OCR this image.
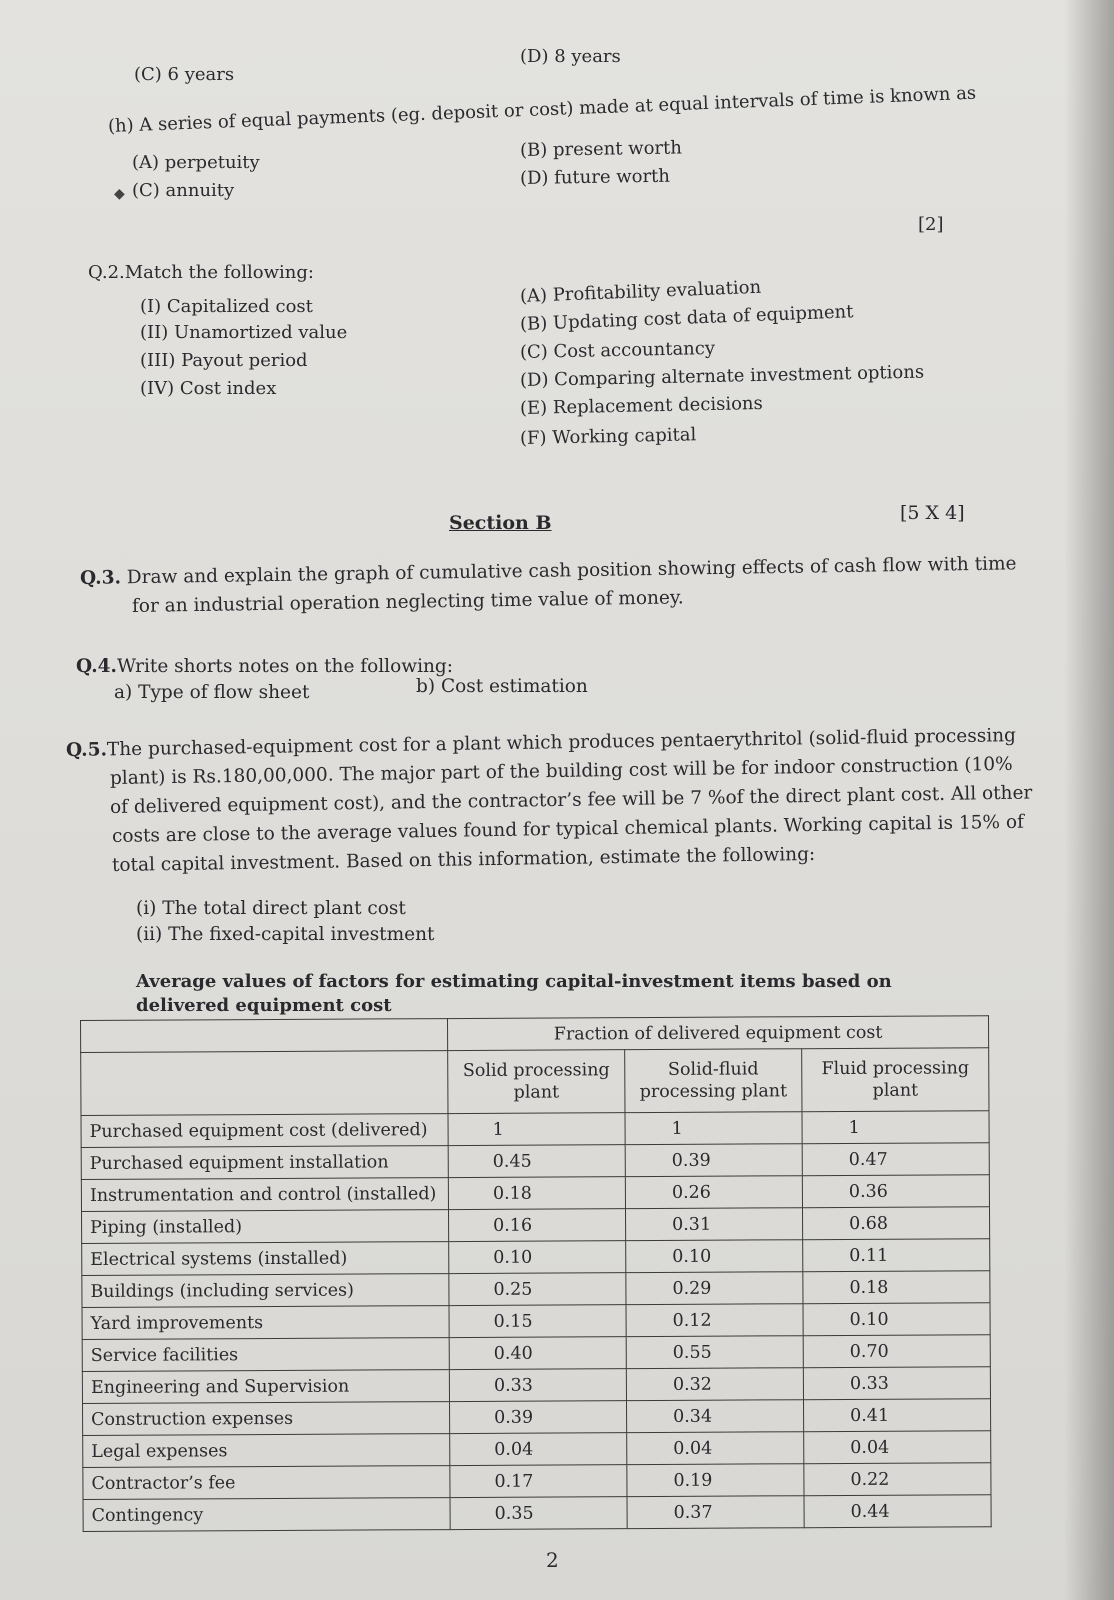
(C) 6 years
(D) 8 years
(h) A series of equal payments (eg. deposit or cost) made at equal intervals of time is known as
(A) perpetuity
(B) present worth
◆ (C) annuity
(D) future worth
[2]
Q.2.Match the following:
(I) Capitalized cost
(II) Unamortized value
(III) Payout period
(IV) Cost index
(A) Profitability evaluation
(B) Updating cost data of equipment
(C) Cost accountancy
(D) Comparing alternate investment options
(E) Replacement decisions
(F) Working capital
Section B	[5 X 4]
Q.3. Draw and explain the graph of cumulative cash position showing effects of cash flow with time
for an industrial operation neglecting time value of money.
Q.4.Write shorts notes on the following:
a) Type of flow sheet	b) Cost estimation
Q.5.The purchased-equipment cost for a plant which produces pentaerythritol (solid-fluid processing
plant) is Rs.180,00,000. The major part of the building cost will be for indoor construction (10%
of delivered equipment cost), and the contractor’s fee will be 7 %of the direct plant cost. All other
costs are close to the average values found for typical chemical plants. Working capital is 15% of
total capital investment. Based on this information, estimate the following:
(i) The total direct plant cost
(ii) The fixed-capital investment
Average values of factors for estimating capital-investment items based on delivered equipment cost
	Fraction of delivered equipment cost		
	Solid processing plant	Solid-fluid processing plant	Fluid processing plant
Purchased equipment cost (delivered)	1	1	1
Purchased equipment installation	0.45	0.39	0.47
Instrumentation and control (installed)	0.18	0.26	0.36
Piping (installed)	0.16	0.31	0.68
Electrical systems (installed)	0.10	0.10	0.11
Buildings (including services)	0.25	0.29	0.18
Yard improvements	0.15	0.12	0.10
Service facilities	0.40	0.55	0.70
Engineering and Supervision	0.33	0.32	0.33
Construction expenses	0.39	0.34	0.41
Legal expenses	0.04	0.04	0.04
Contractor’s fee	0.17	0.19	0.22
Contingency	0.35	0.37	0.44
2
